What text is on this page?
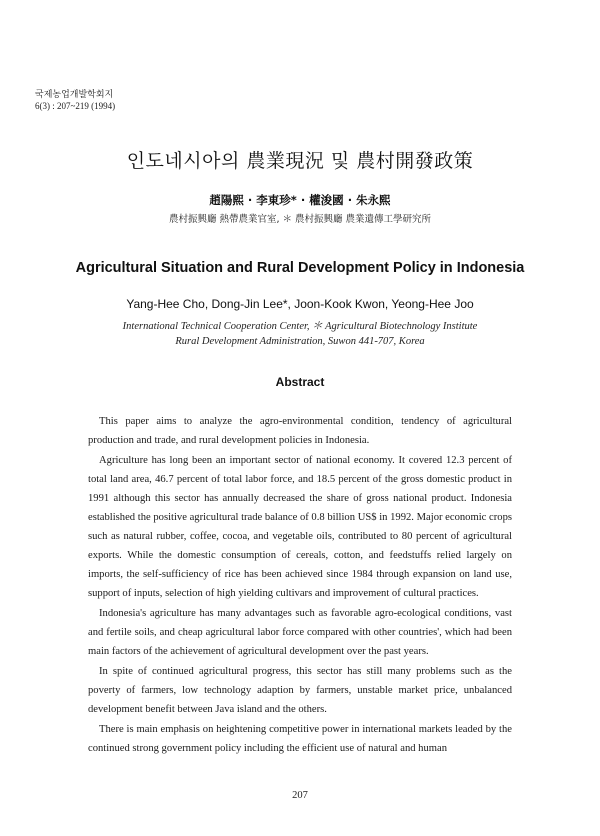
국제농업개발학회지
6(3) : 207~219 (1994)
인도네시아의 農業現況 및 農村開發政策
趙陽熙 · 李東珍* · 權浚國 · 朱永熙
農村振興廳 熱帶農業官室, ＊ 農村振興廳 農業遺傳工學研究所
Agricultural Situation and Rural Development Policy in Indonesia
Yang-Hee Cho, Dong-Jin Lee*, Joon-Kook Kwon, Yeong-Hee Joo
International Technical Cooperation Center, ＊ Agricultural Biotechnology Institute
Rural Development Administration, Suwon 441-707, Korea
Abstract

This paper aims to analyze the agro-environmental condition, tendency of agricultural production and trade, and rural development policies in Indonesia.

Agriculture has long been an important sector of national economy. It covered 12.3 percent of total land area, 46.7 percent of total labor force, and 18.5 percent of the gross domestic product in 1991 although this sector has annually decreased the share of gross national product. Indonesia established the positive agricultural trade balance of 0.8 billion US$ in 1992. Major economic crops such as natural rubber, coffee, cocoa, and vegetable oils, contributed to 80 percent of agricultural exports. While the domestic consumption of cereals, cotton, and feedstuffs relied largely on imports, the self-sufficiency of rice has been achieved since 1984 through expansion on land use, support of inputs, selection of high yielding cultivars and improvement of cultural practices.

Indonesia's agriculture has many advantages such as favorable agro-ecological conditions, vast and fertile soils, and cheap agricultural labor force compared with other countries', which had been main factors of the achievement of agricultural development over the past years.

In spite of continued agricultural progress, this sector has still many problems such as the poverty of farmers, low technology adaption by farmers, unstable market price, unbalanced development benefit between Java island and the others.

There is main emphasis on heightening competitive power in international markets leaded by the continued strong government policy including the efficient use of natural and human

207
